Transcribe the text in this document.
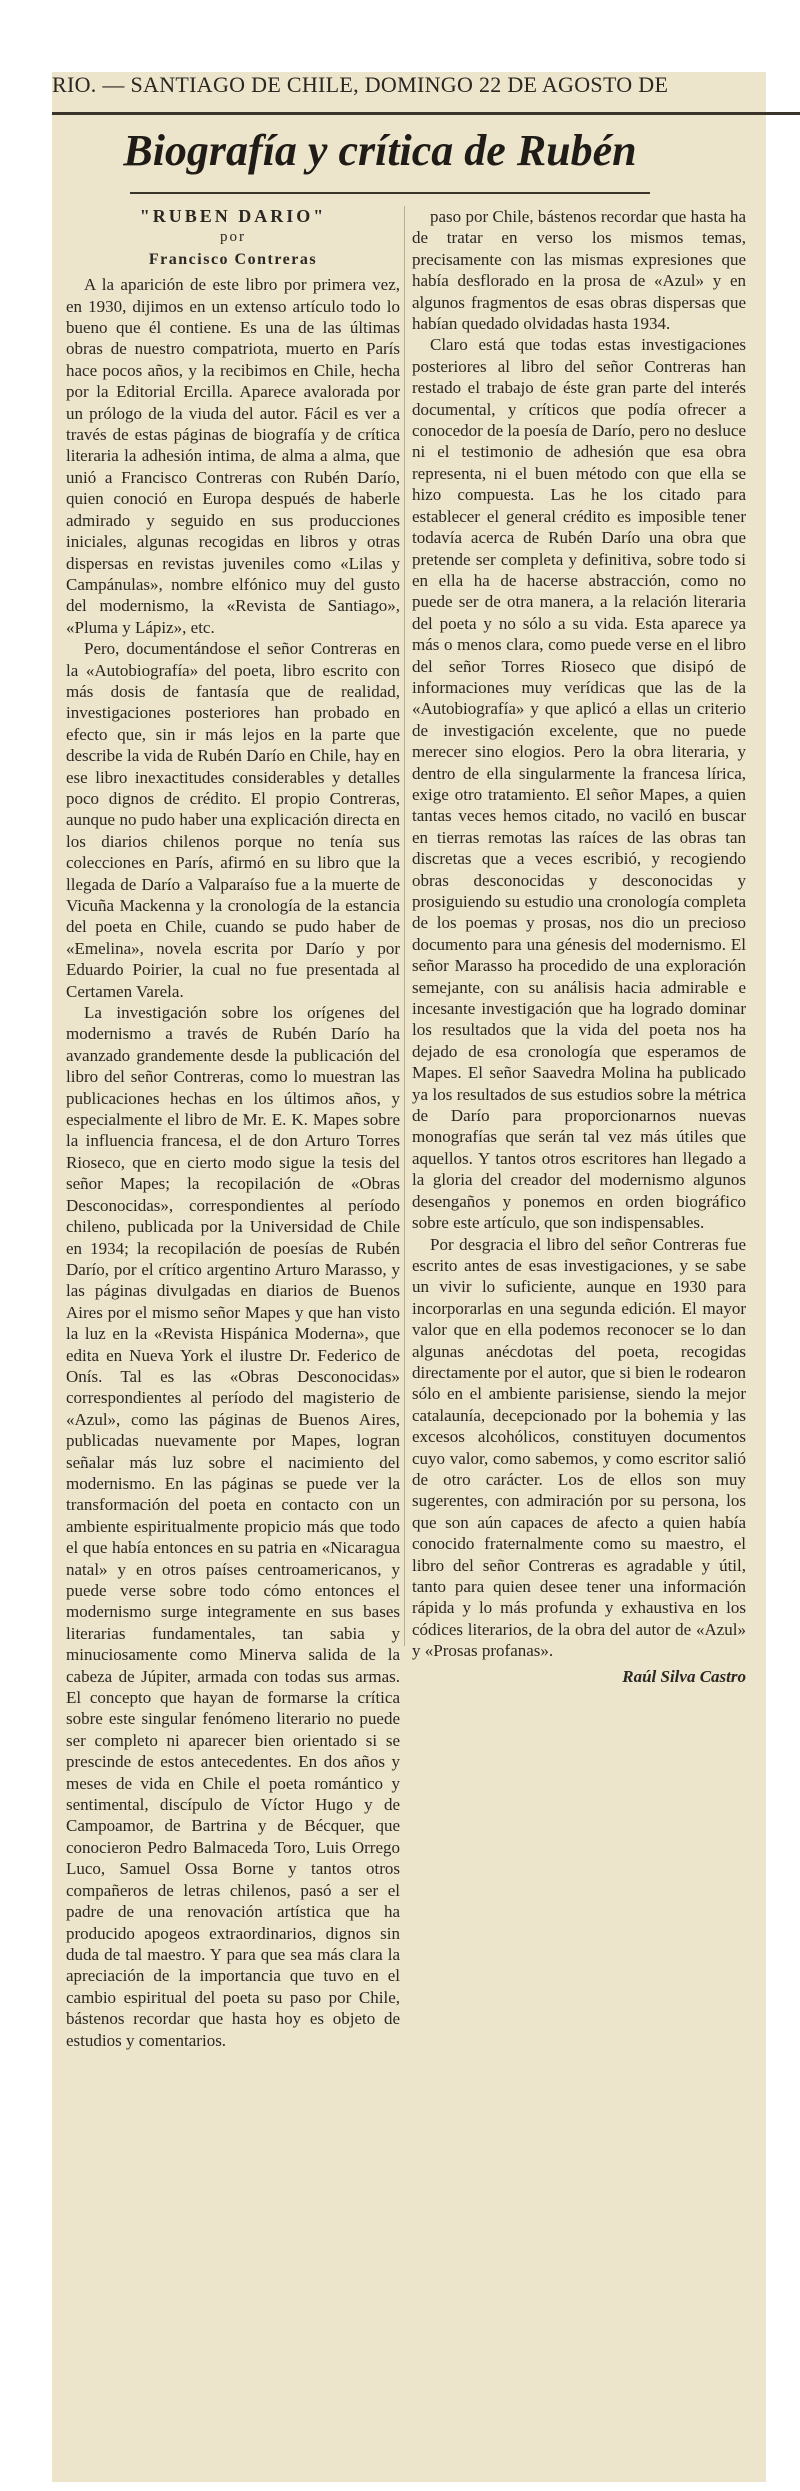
RIO. — SANTIAGO DE CHILE, DOMINGO 22 DE AGOSTO DE
Biografía y crítica de Rubén
"RUBEN DARIO"
por
Francisco Contreras

A la aparición de este libro por primera vez, en 1930, dijimos en un extenso artículo todo lo bueno que él contiene. Es una de las últimas obras de nuestro compatriota, muerto en París hace pocos años, y la recibimos en Chile, hecha por la Editorial Ercilla. Aparece avalorada por un prólogo de la viuda del autor. Fácil es ver a través de estas páginas de biografía y de crítica literaria la adhesión intima, de alma a alma, que unió a Francisco Contreras con Rubén Darío, quien conoció en Europa después de haberle admirado y seguido en sus producciones iniciales, algunas recogidas en libros y otras dispersas en revistas juveniles como «Lilas y Campánulas», nombre elfónico muy del gusto del modernismo, la «Revista de Santiago», «Pluma y Lápiz», etc.

Pero, documentándose el señor Contreras en la «Autobiografía» del poeta, libro escrito con más dosis de fantasía que de realidad, investigaciones posteriores han probado en efecto que, sin ir más lejos en la parte que describe la vida de Rubén Darío en Chile, hay en ese libro inexactitudes considerables y detalles poco dignos de crédito. El propio Contreras, aunque no pudo haber una explicación directa en los diarios chilenos porque no tenía sus colecciones en París, afirmó en su libro que la llegada de Darío a Valparaíso fue a la muerte de Vicuña Mackenna y la cronología de la estancia del poeta en Chile, cuando se pudo haber de «Emelina», novela escrita por Darío y por Eduardo Poirier, la cual no fue presentada al Certamen Varela.

La investigación sobre los orígenes del modernismo a través de Rubén Darío ha avanzado grandemente desde la publicación del libro del señor Contreras, como lo muestran las publicaciones hechas en los últimos años, y especialmente el libro de Mr. E. K. Mapes sobre la influencia francesa, el de don Arturo Torres Rioseco, que en cierto modo sigue la tesis del señor Mapes; la recopilación de «Obras Desconocidas», correspondientes al período chileno, publicada por la Universidad de Chile en 1934; la recopilación de poesías de Rubén Darío, por el crítico argentino Arturo Marasso, y las páginas divulgadas en diarios de Buenos Aires por el mismo señor Mapes y que han visto la luz en la «Revista Hispánica Moderna», que edita en Nueva York el ilustre Dr. Federico de Onís. Tal es las «Obras Desconocidas» correspondientes al período del magisterio de «Azul», como las páginas de Buenos Aires, publicadas nuevamente por Mapes, logran señalar más luz sobre el nacimiento del modernismo. En las páginas se puede ver la transformación del poeta en contacto con un ambiente espiritualmente propicio más que todo el que había entonces en su patria en «Nicaragua natal» y en otros países centroamericanos, y puede verse sobre todo cómo entonces el modernismo surge integramente en sus bases literarias fundamentales, tan sabia y minuciosamente como Minerva salida de la cabeza de Júpiter, armada con todas sus armas. El concepto que hayan de formarse la crítica sobre este singular fenómeno literario no puede ser completo ni aparecer bien orientado si se prescinde de estos antecedentes. En dos años y meses de vida en Chile el poeta romántico y sentimental, discípulo de Víctor Hugo y de Campoamor, de Bartrina y de Bécquer, que conocieron Pedro Balmaceda Toro, Luis Orrego Luco, Samuel Ossa Borne y tantos otros compañeros de letras chilenos, pasó a ser el padre de una renovación artística que ha producido apogeos extraordinarios, dignos sin duda de tal maestro. Y para que sea más clara la apreciación de la importancia que tuvo en el cambio espiritual del poeta su paso por Chile, bástenos recordar que hasta hoy es objeto de estudios y comentarios.

paso por Chile, bástenos recordar que hasta ha de tratar en verso los mismos temas, precisamente con las mismas expresiones que había desflorado en la prosa de «Azul» y en algunos fragmentos de esas obras dispersas que habían quedado olvidadas hasta 1934.

Claro está que todas estas investigaciones posteriores al libro del señor Contreras han restado el trabajo de éste gran parte del interés documental, y críticos que podía ofrecer a conocedor de la poesía de Darío, pero no desluce ni el testimonio de adhesión que esa obra representa, ni el buen método con que ella se hizo compuesta. Las he los citado para establecer el general crédito es imposible tener todavía acerca de Rubén Darío una obra que pretende ser completa y definitiva, sobre todo si en ella ha de hacerse abstracción, como no puede ser de otra manera, a la relación literaria del poeta y no sólo a su vida. Esta aparece ya más o menos clara, como puede verse en el libro del señor Torres Rioseco que disipó de informaciones muy verídicas que las de la «Autobiografía» y que aplicó a ellas un criterio de investigación excelente, que no puede merecer sino elogios. Pero la obra literaria, y dentro de ella singularmente la francesa lírica, exige otro tratamiento. El señor Mapes, a quien tantas veces hemos citado, no vaciló en buscar en tierras remotas las raíces de las obras tan discretas que a veces escribió, y recogiendo obras desconocidas y desconocidas y prosiguiendo su estudio una cronología completa de los poemas y prosas, nos dio un precioso documento para una génesis del modernismo. El señor Marasso ha procedido de una exploración semejante, con su análisis hacia admirable e incesante investigación que ha logrado dominar los resultados que la vida del poeta nos ha dejado de esa cronología que esperamos de Mapes. El señor Saavedra Molina ha publicado ya los resultados de sus estudios sobre la métrica de Darío para proporcionarnos nuevas monografías que serán tal vez más útiles que aquellos. Y tantos otros escritores han llegado a la gloria del creador del modernismo algunos desengaños y ponemos en orden biográfico sobre este artículo, que son indispensables.

Por desgracia el libro del señor Contreras fue escrito antes de esas investigaciones, y se sabe un vivir lo suficiente, aunque en 1930 para incorporarlas en una segunda edición. El mayor valor que en ella podemos reconocer se lo dan algunas anécdotas del poeta, recogidas directamente por el autor, que si bien le rodearon sólo en el ambiente parisiense, siendo la mejor catalaunía, decepcionado por la bohemia y las excesos alcohólicos, constituyen documentos cuyo valor, como sabemos, y como escritor salió de otro carácter. Los de ellos son muy sugerentes, con admiración por su persona, los que son aún capaces de afecto a quien había conocido fraternalmente como su maestro, el libro del señor Contreras es agradable y útil, tanto para quien desee tener una información rápida y lo más profunda y exhaustiva en los códices literarios, de la obra del autor de «Azul» y «Prosas profanas».

Raúl Silva Castro
